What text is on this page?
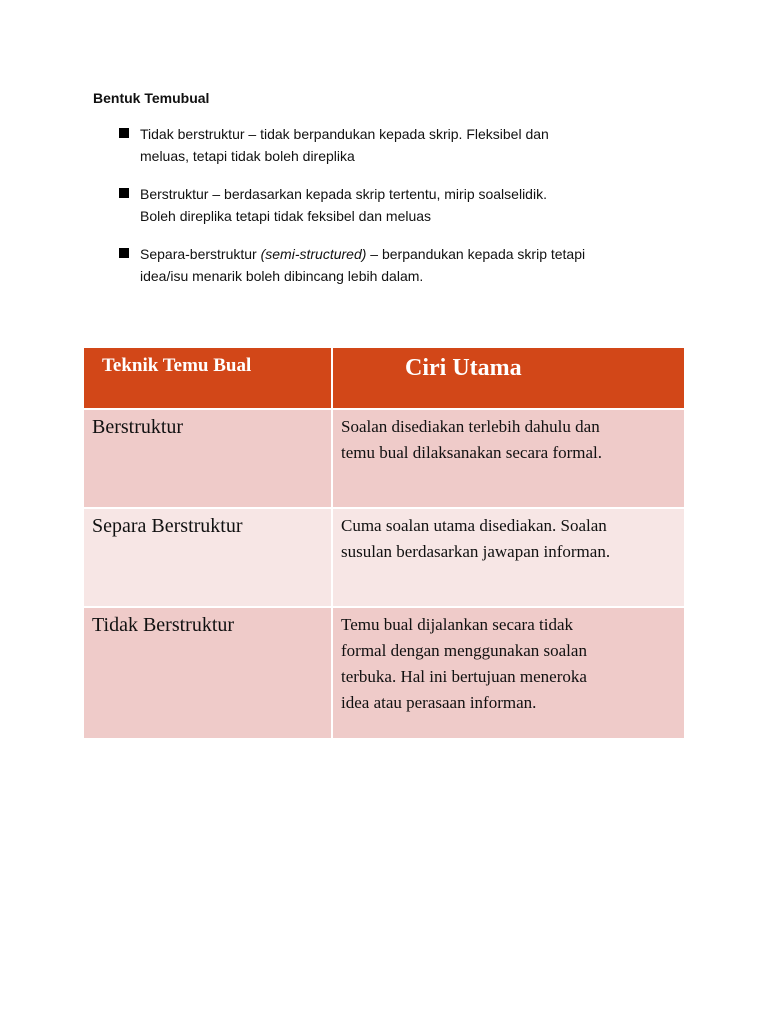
Bentuk Temubual
Tidak berstruktur – tidak berpandukan kepada skrip. Fleksibel dan
meluas, tetapi tidak boleh direplika
Berstruktur – berdasarkan kepada skrip tertentu, mirip soalselidik.
Boleh direplika tetapi tidak feksibel dan meluas
Separa-berstruktur (semi-structured) – berpandukan kepada skrip tetapi
idea/isu menarik boleh dibincang lebih dalam.
Teknik Temu Bual	Ciri Utama
Berstruktur	Soalan disediakan terlebih dahulu dan
temu bual dilaksanakan secara formal.
Separa Berstruktur	Cuma soalan utama disediakan. Soalan
susulan berdasarkan jawapan informan.
Tidak Berstruktur	Temu bual dijalankan secara tidak
formal dengan menggunakan soalan
terbuka. Hal ini bertujuan meneroka
idea atau perasaan informan.
